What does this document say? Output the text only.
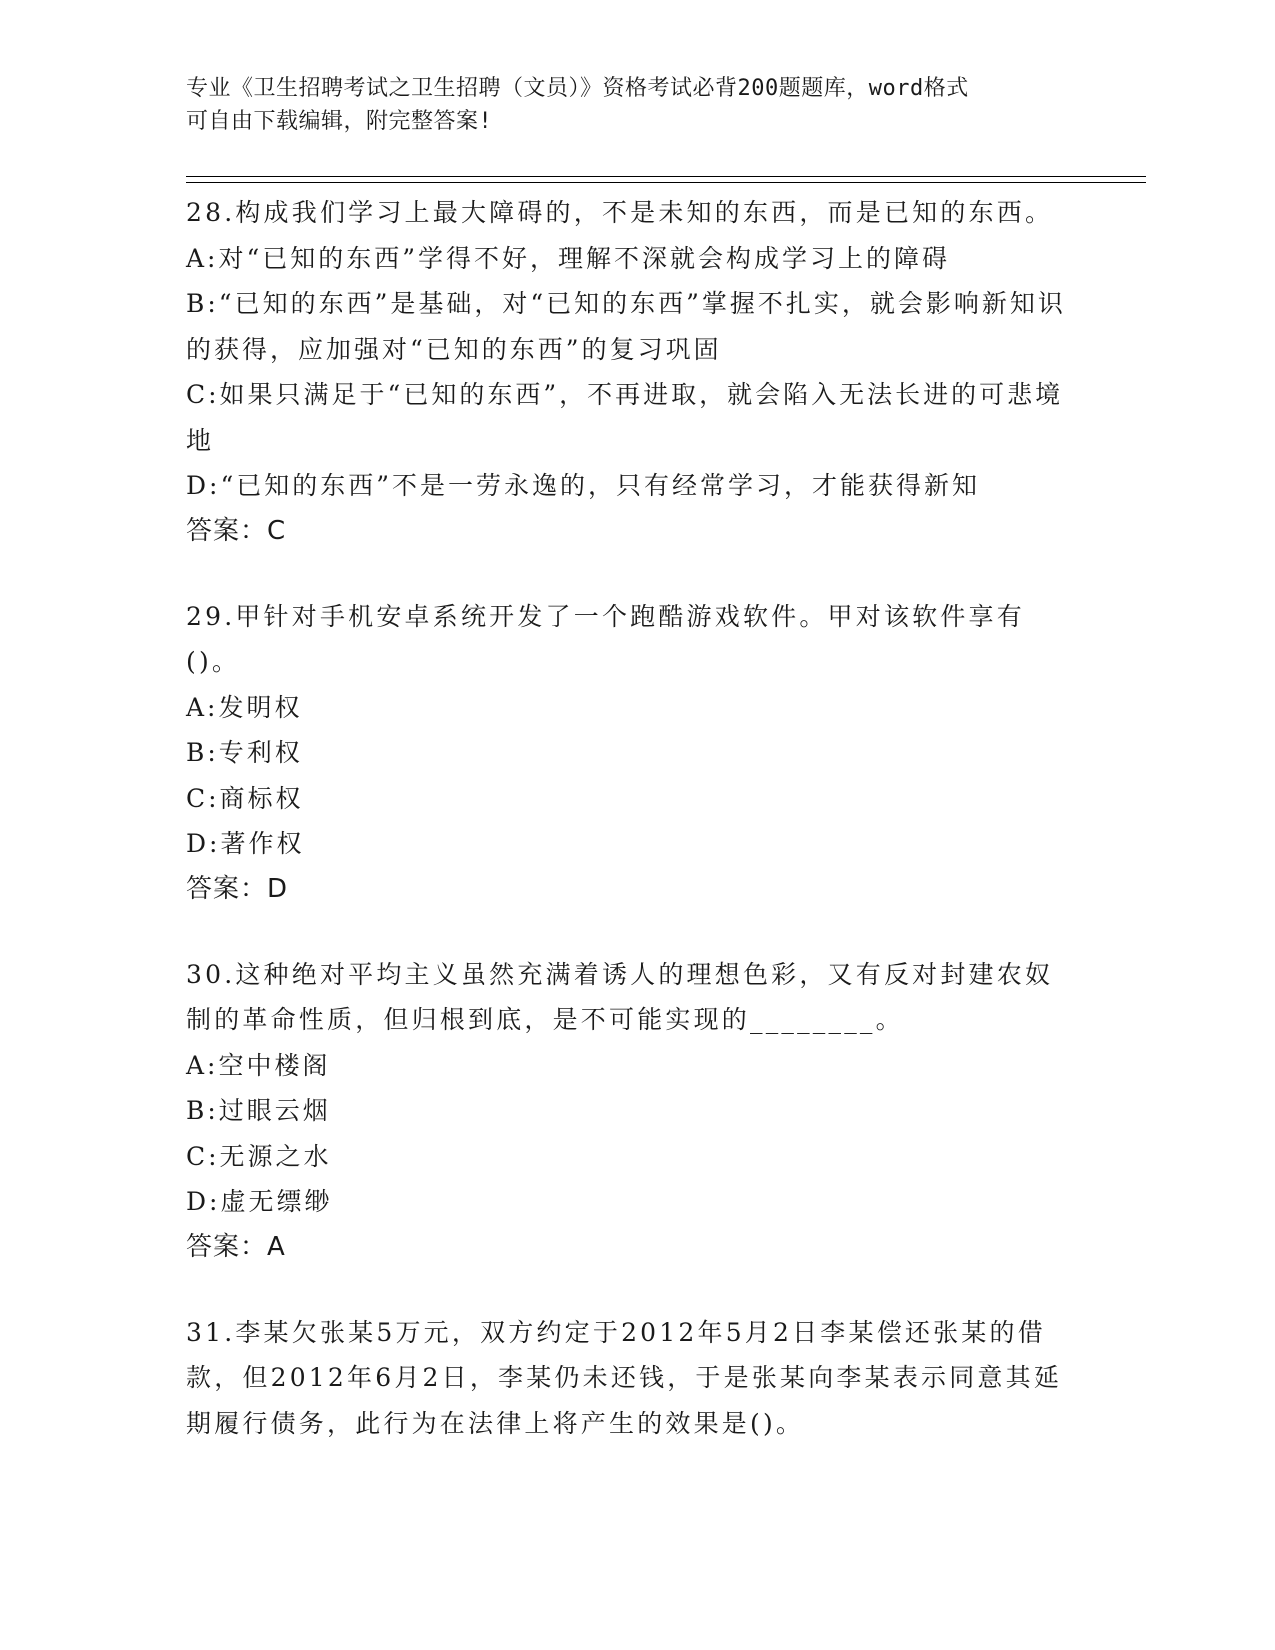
专业《卫生招聘考试之卫生招聘（文员）》资格考试必背200题题库，word格式
可自由下载编辑，附完整答案!

28.构成我们学习上最大障碍的，不是未知的东西，而是已知的东西。

A:对“已知的东西”学得不好，理解不深就会构成学习上的障碍

B:“已知的东西”是基础，对“已知的东西”掌握不扎实，就会影响新知识的获得，应加强对“已知的东西”的复习巩固

C:如果只满足于“已知的东西”，不再进取，就会陷入无法长进的可悲境地

D:“已知的东西”不是一劳永逸的，只有经常学习，才能获得新知

答案：C

29.甲针对手机安卓系统开发了一个跑酷游戏软件。甲对该软件享有()。

A:发明权

B:专利权

C:商标权

D:著作权

答案：D

30.这种绝对平均主义虽然充满着诱人的理想色彩，又有反对封建农奴制的革命性质，但归根到底，是不可能实现的________。

A:空中楼阁

B:过眼云烟

C:无源之水

D:虚无缥缈

答案：A

31.李某欠张某5万元，双方约定于2012年5月2日李某偿还张某的借款，但2012年6月2日，李某仍未还钱，于是张某向李某表示同意其延期履行债务，此行为在法律上将产生的效果是()。
